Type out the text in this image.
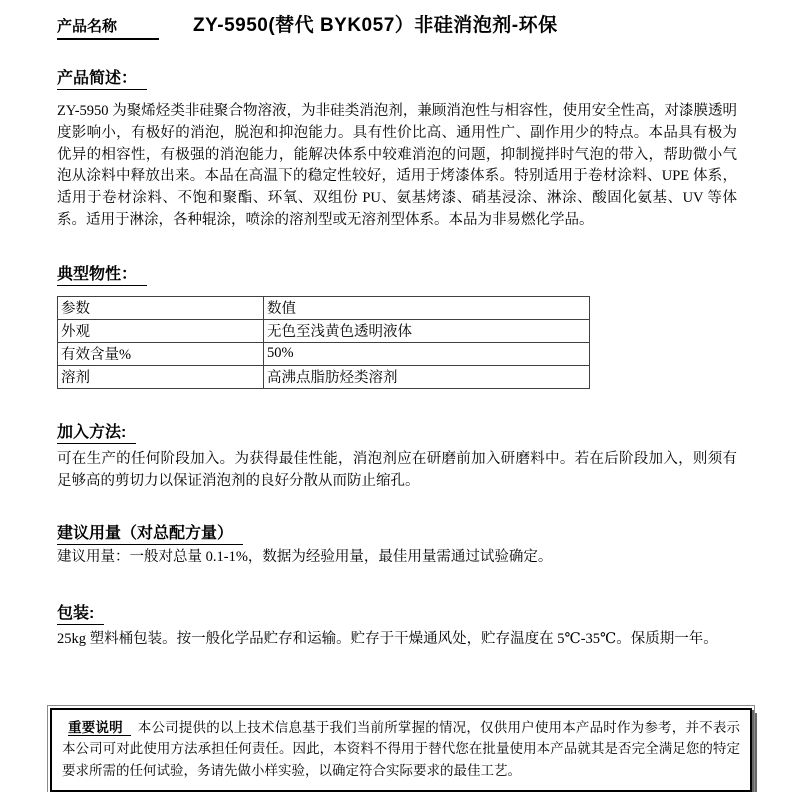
产品名称	ZY-5950(替代 BYK057）非硅消泡剂-环保
产品简述：

ZY-5950 为聚烯烃类非硅聚合物溶液，为非硅类消泡剂，兼顾消泡性与相容性，使用安全性高，对漆膜透明度影响小，有极好的消泡，脱泡和抑泡能力。具有性价比高、通用性广、副作用少的特点。本品具有极为优异的相容性，有极强的消泡能力，能解决体系中较难消泡的问题，抑制搅拌时气泡的带入，帮助微小气泡从涂料中释放出来。本品在高温下的稳定性较好，适用于烤漆体系。特别适用于卷材涂料、UPE 体系，适用于卷材涂料、不饱和聚酯、环氧、双组份 PU、氨基烤漆、硝基浸涂、淋涂、酸固化氨基、UV 等体系。适用于淋涂，各种辊涂，喷涂的溶剂型或无溶剂型体系。本品为非易燃化学品。

典型物性：
参数	数值
外观	无色至浅黄色透明液体
有效含量%	50%
溶剂	高沸点脂肪烃类溶剂
加入方法:

可在生产的任何阶段加入。为获得最佳性能，消泡剂应在研磨前加入研磨料中。若在后阶段加入，则须有足够高的剪切力以保证消泡剂的良好分散从而防止缩孔。

建议用量（对总配方量）

建议用量：一般对总量 0.1-1%，数据为经验用量，最佳用量需通过试验确定。

包装:

25kg 塑料桶包装。按一般化学品贮存和运输。贮存于干燥通风处，贮存温度在 5℃-35℃。保质期一年。

重要说明 本公司提供的以上技术信息基于我们当前所掌握的情况，仅供用户使用本产品时作为参考，并不表示本公司可对此使用方法承担任何责任。因此，本资料不得用于替代您在批量使用本产品就其是否完全满足您的特定要求所需的任何试验，务请先做小样实验，以确定符合实际要求的最佳工艺。
